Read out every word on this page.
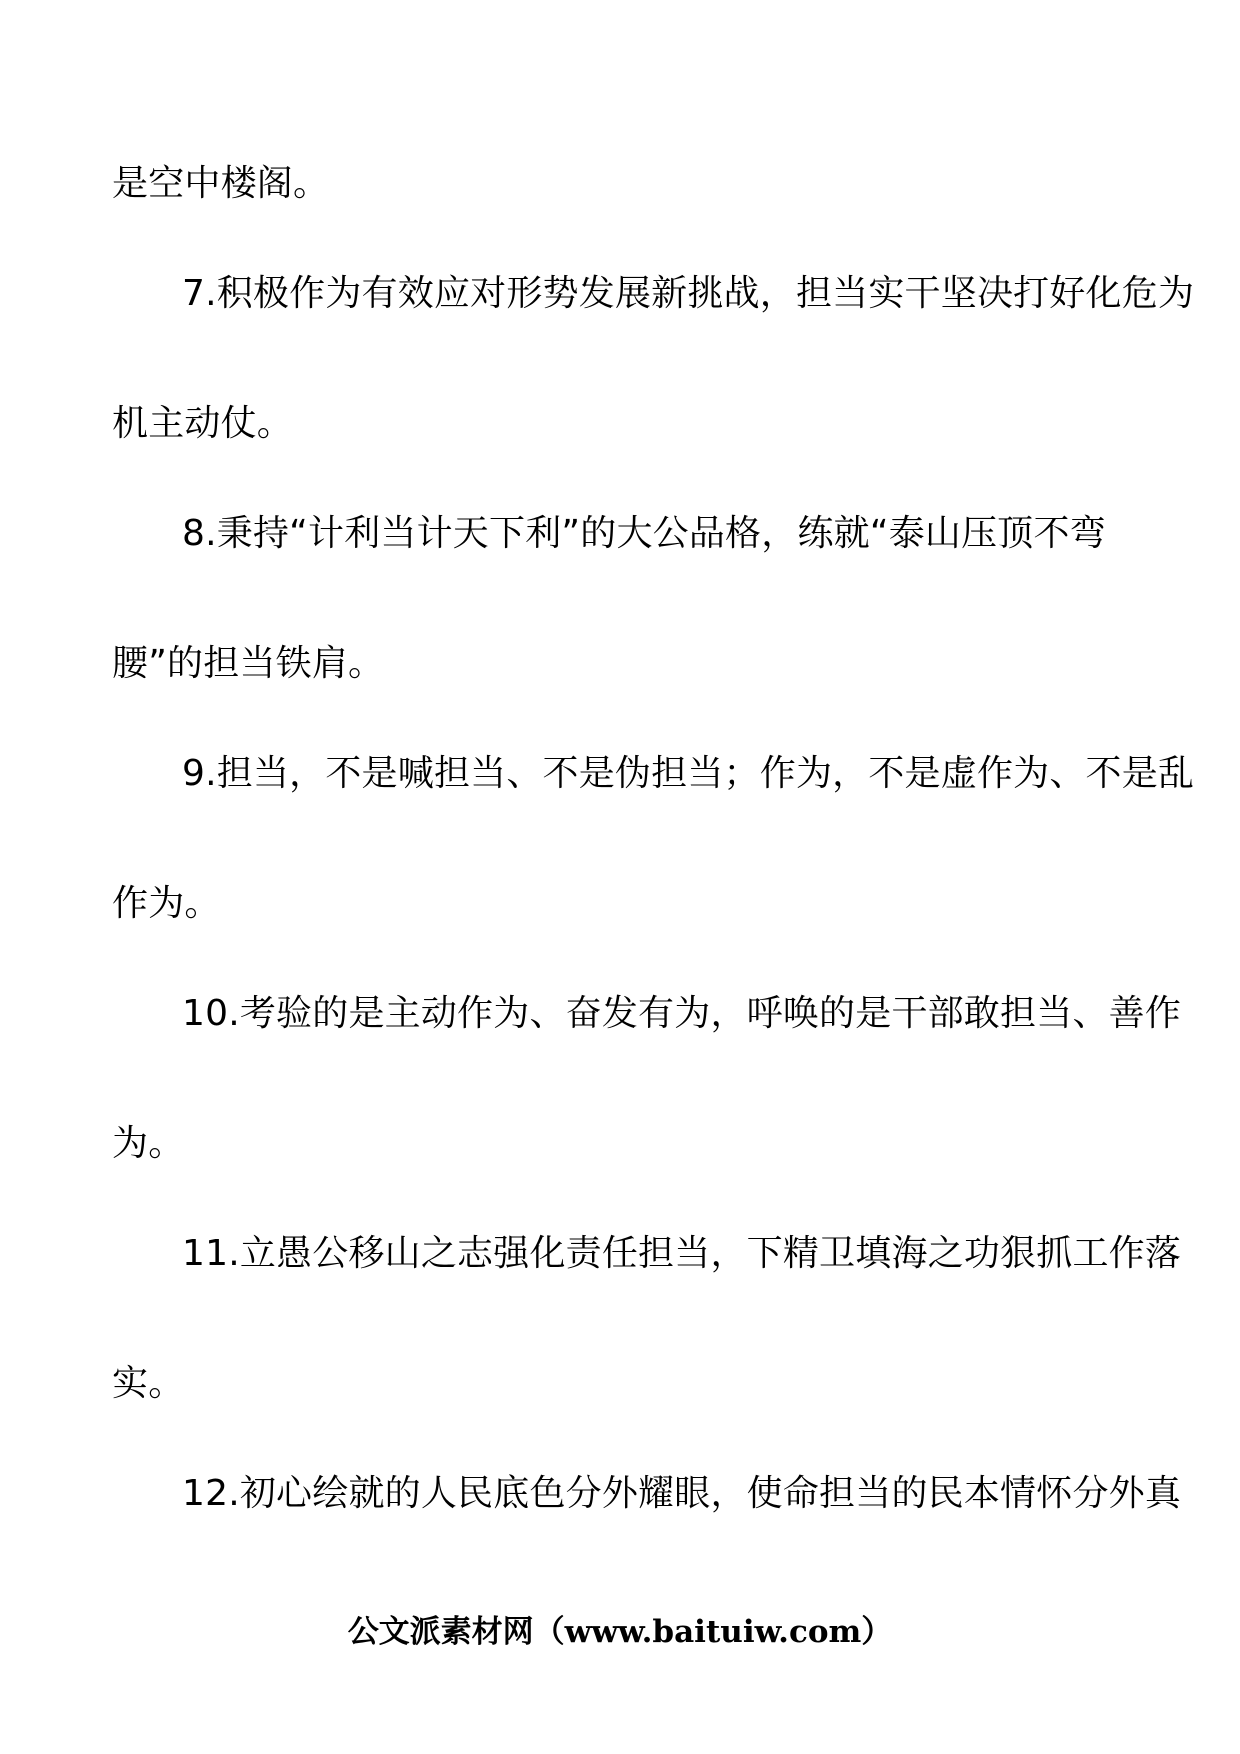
是空中楼阁。

7.积极作为有效应对形势发展新挑战，担当实干坚决打好化危为

机主动仗。

8.秉持“计利当计天下利”的大公品格，练就“泰山压顶不弯

腰”的担当铁肩。

9.担当，不是喊担当、不是伪担当；作为，不是虚作为、不是乱

作为。

10.考验的是主动作为、奋发有为，呼唤的是干部敢担当、善作

为。

11.立愚公移山之志强化责任担当，下精卫填海之功狠抓工作落

实。

12.初心绘就的人民底色分外耀眼，使命担当的民本情怀分外真

公文派素材网（www.baituiw.com）
